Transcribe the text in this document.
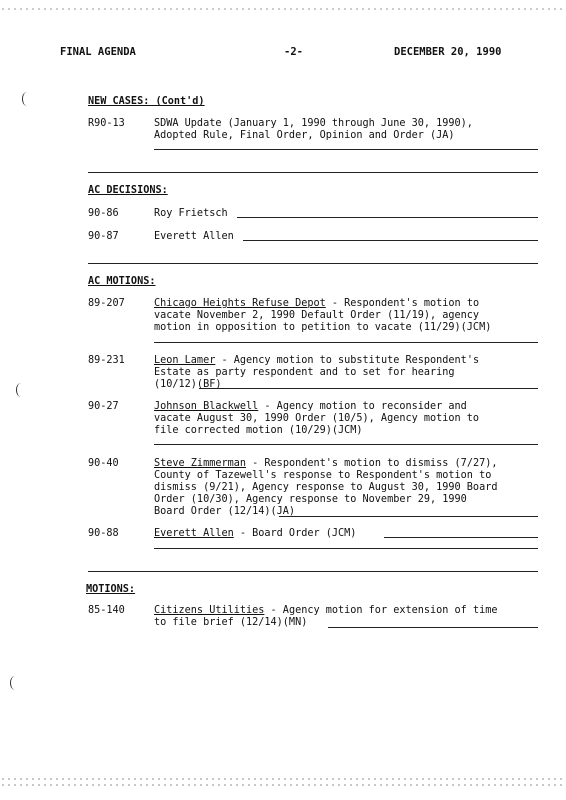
FINAL AGENDA	-2-	DECEMBER 20, 1990
NEW CASES: (Cont'd)
R90-13	SDWA Update (January 1, 1990 through June 30, 1990),
Adopted Rule, Final Order, Opinion and Order (JA)
AC DECISIONS:
90-86	Roy Frietsch
90-87	Everett Allen
AC MOTIONS:
89-207	Chicago Heights Refuse Depot - Respondent's motion to
vacate November 2, 1990 Default Order (11/19), agency
motion in opposition to petition to vacate (11/29)(JCM)
89-231	Leon Lamer - Agency motion to substitute Respondent's
Estate as party respondent and to set for hearing
(10/12)(BF)
90-27	Johnson Blackwell - Agency motion to reconsider and
vacate August 30, 1990 Order (10/5), Agency motion to
file corrected motion (10/29)(JCM)
90-40	Steve Zimmerman - Respondent's motion to dismiss (7/27),
County of Tazewell's response to Respondent's motion to
dismiss (9/21), Agency response to August 30, 1990 Board
Order (10/30), Agency response to November 29, 1990
Board Order (12/14)(JA)
90-88	Everett Allen - Board Order (JCM)
MOTIONS:
85-140	Citizens Utilities - Agency motion for extension of time
to file brief (12/14)(MN)
